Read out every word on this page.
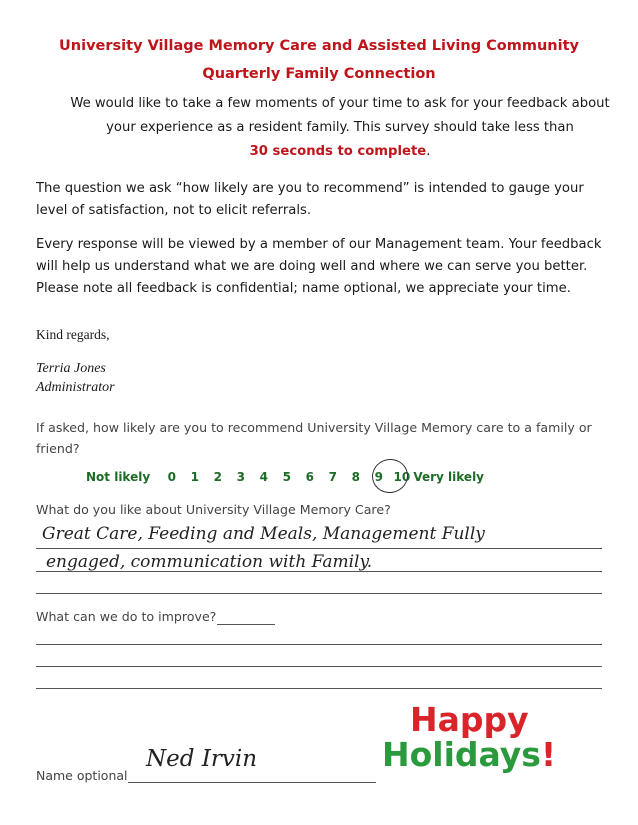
University Village Memory Care and Assisted Living Community
Quarterly Family Connection
We would like to take a few moments of your time to ask for your feedback about your experience as a resident family. This survey should take less than
30 seconds to complete.
The question we ask “how likely are you to recommend” is intended to gauge your level of satisfaction, not to elicit referrals.
Every response will be viewed by a member of our Management team. Your feedback will help us understand what we are doing well and where we can serve you better. Please note all feedback is confidential; name optional, we appreciate your time.
Kind regards,
Terria Jones
Administrator
If asked, how likely are you to recommend University Village Memory care to a family or friend?
Not likely 0 1 2 3 4 5 6 7 8 9 10 Very likely
What do you like about University Village Memory Care?
Great Care, Feeding and Meals, Management Fully
engaged, communication with Family.
What can we do to improve?
Happy
Holidays!
Name optional
Ned Irvin
